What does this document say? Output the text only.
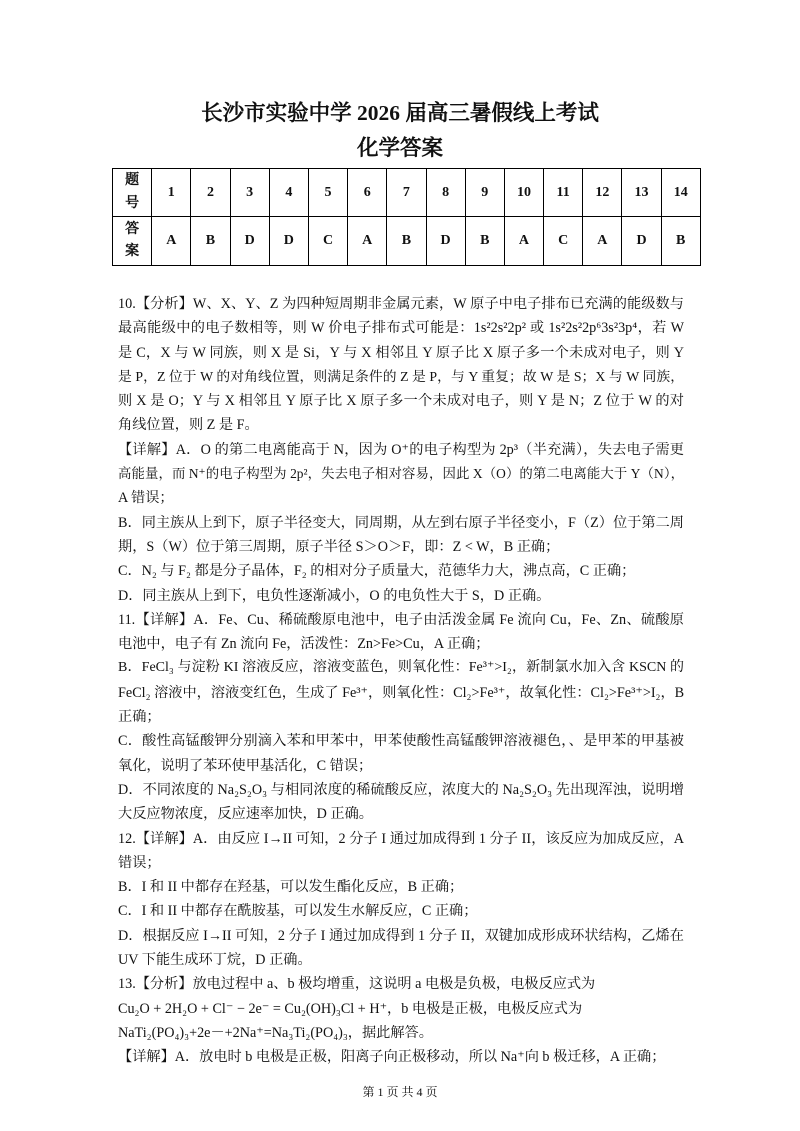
长沙市实验中学 2026 届高三暑假线上考试
化学答案
题号	1	2	3	4	5	6	7	8	9	10	11	12	13	14
答案	A	B	D	D	C	A	B	D	B	A	C	A	D	B
10.【分析】W、X、Y、Z 为四种短周期非金属元素，W 原子中电子排布已充满的能级数与
最高能级中的电子数相等，则 W 价电子排布式可能是：1s²2s²2p² 或 1s²2s²2p⁶3s²3p⁴，若 W
是 C，X 与 W 同族，则 X 是 Si，Y 与 X 相邻且 Y 原子比 X 原子多一个未成对电子，则 Y
是 P，Z 位于 W 的对角线位置，则满足条件的 Z 是 P，与 Y 重复；故 W 是 S；X 与 W 同族，
则 X 是 O；Y 与 X 相邻且 Y 原子比 X 原子多一个未成对电子，则 Y 是 N；Z 位于 W 的对
角线位置，则 Z 是 F。
【详解】A．O 的第二电离能高于 N，因为 O⁺的电子构型为 2p³（半充满），失去电子需更
高能量，而 N⁺的电子构型为 2p²，失去电子相对容易，因此 X（O）的第二电离能大于 Y（N），
A 错误；
B．同主族从上到下，原子半径变大，同周期，从左到右原子半径变小，F（Z）位于第二周
期，S（W）位于第三周期，原子半径 S＞O＞F，即：Z < W，B 正确；
C．N₂ 与 F₂ 都是分子晶体，F₂ 的相对分子质量大，范德华力大，沸点高，C 正确；
D．同主族从上到下，电负性逐渐减小，O 的电负性大于 S，D 正确。
11.【详解】A．Fe、Cu、稀硫酸原电池中，电子由活泼金属 Fe 流向 Cu，Fe、Zn、硫酸原
电池中，电子有 Zn 流向 Fe，活泼性：Zn>Fe>Cu，A 正确；
B．FeCl₃ 与淀粉 KI 溶液反应，溶液变蓝色，则氧化性：Fe³⁺>I₂，新制氯水加入含 KSCN 的
FeCl₂ 溶液中，溶液变红色，生成了 Fe³⁺，则氧化性：Cl₂>Fe³⁺，故氧化性：Cl₂>Fe³⁺>I₂，B
正确；
C．酸性高锰酸钾分别滴入苯和甲苯中，甲苯使酸性高锰酸钾溶液褪色，、是甲苯的甲基被
氧化，说明了苯环使甲基活化，C 错误；
D．不同浓度的 Na₂S₂O₃ 与相同浓度的稀硫酸反应，浓度大的 Na₂S₂O₃ 先出现浑浊，说明增
大反应物浓度，反应速率加快，D 正确。
12.【详解】A．由反应 I→II 可知，2 分子 I 通过加成得到 1 分子 II，该反应为加成反应，A
错误；
B．I 和 II 中都存在羟基，可以发生酯化反应，B 正确；
C．I 和 II 中都存在酰胺基，可以发生水解反应，C 正确；
D．根据反应 I→II 可知，2 分子 I 通过加成得到 1 分子 II，双键加成形成环状结构，乙烯在
UV 下能生成环丁烷，D 正确。
13.【分析】放电过程中 a、b 极均增重，这说明 a 电极是负极，电极反应式为
Cu₂O + 2H₂O + Cl⁻ − 2e⁻ = Cu₂(OH)₃Cl + H⁺，b 电极是正极，电极反应式为
NaTi₂(PO₄)₃+2e－+2Na⁺=Na₃Ti₂(PO₄)₃，据此解答。
【详解】A．放电时 b 电极是正极，阳离子向正极移动，所以 Na⁺向 b 极迁移，A 正确；
第 1 页 共 4 页
